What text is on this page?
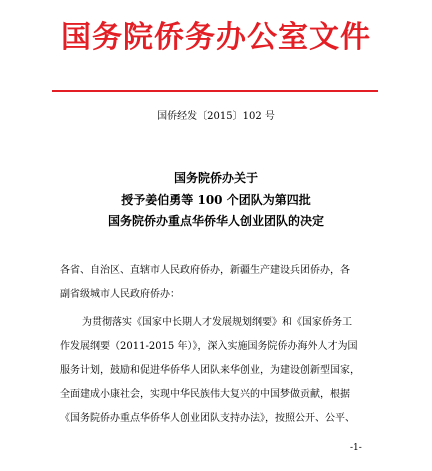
国务院侨务办公室文件
国侨经发〔2015〕102 号
国务院侨办关于
授予姜伯勇等 100 个团队为第四批
国务院侨办重点华侨华人创业团队的决定
各省、自治区、直辖市人民政府侨办，新疆生产建设兵团侨办，各
副省级城市人民政府侨办：
为贯彻落实《国家中长期人才发展规划纲要》和《国家侨务工
作发展纲要（2011-2015 年）》，深入实施国务院侨办海外人才为国
服务计划，鼓励和促进华侨华人团队来华创业，为建设创新型国家，
全面建成小康社会，实现中华民族伟大复兴的中国梦做贡献，根据
《国务院侨办重点华侨华人创业团队支持办法》，按照公开、公平、
-1-
